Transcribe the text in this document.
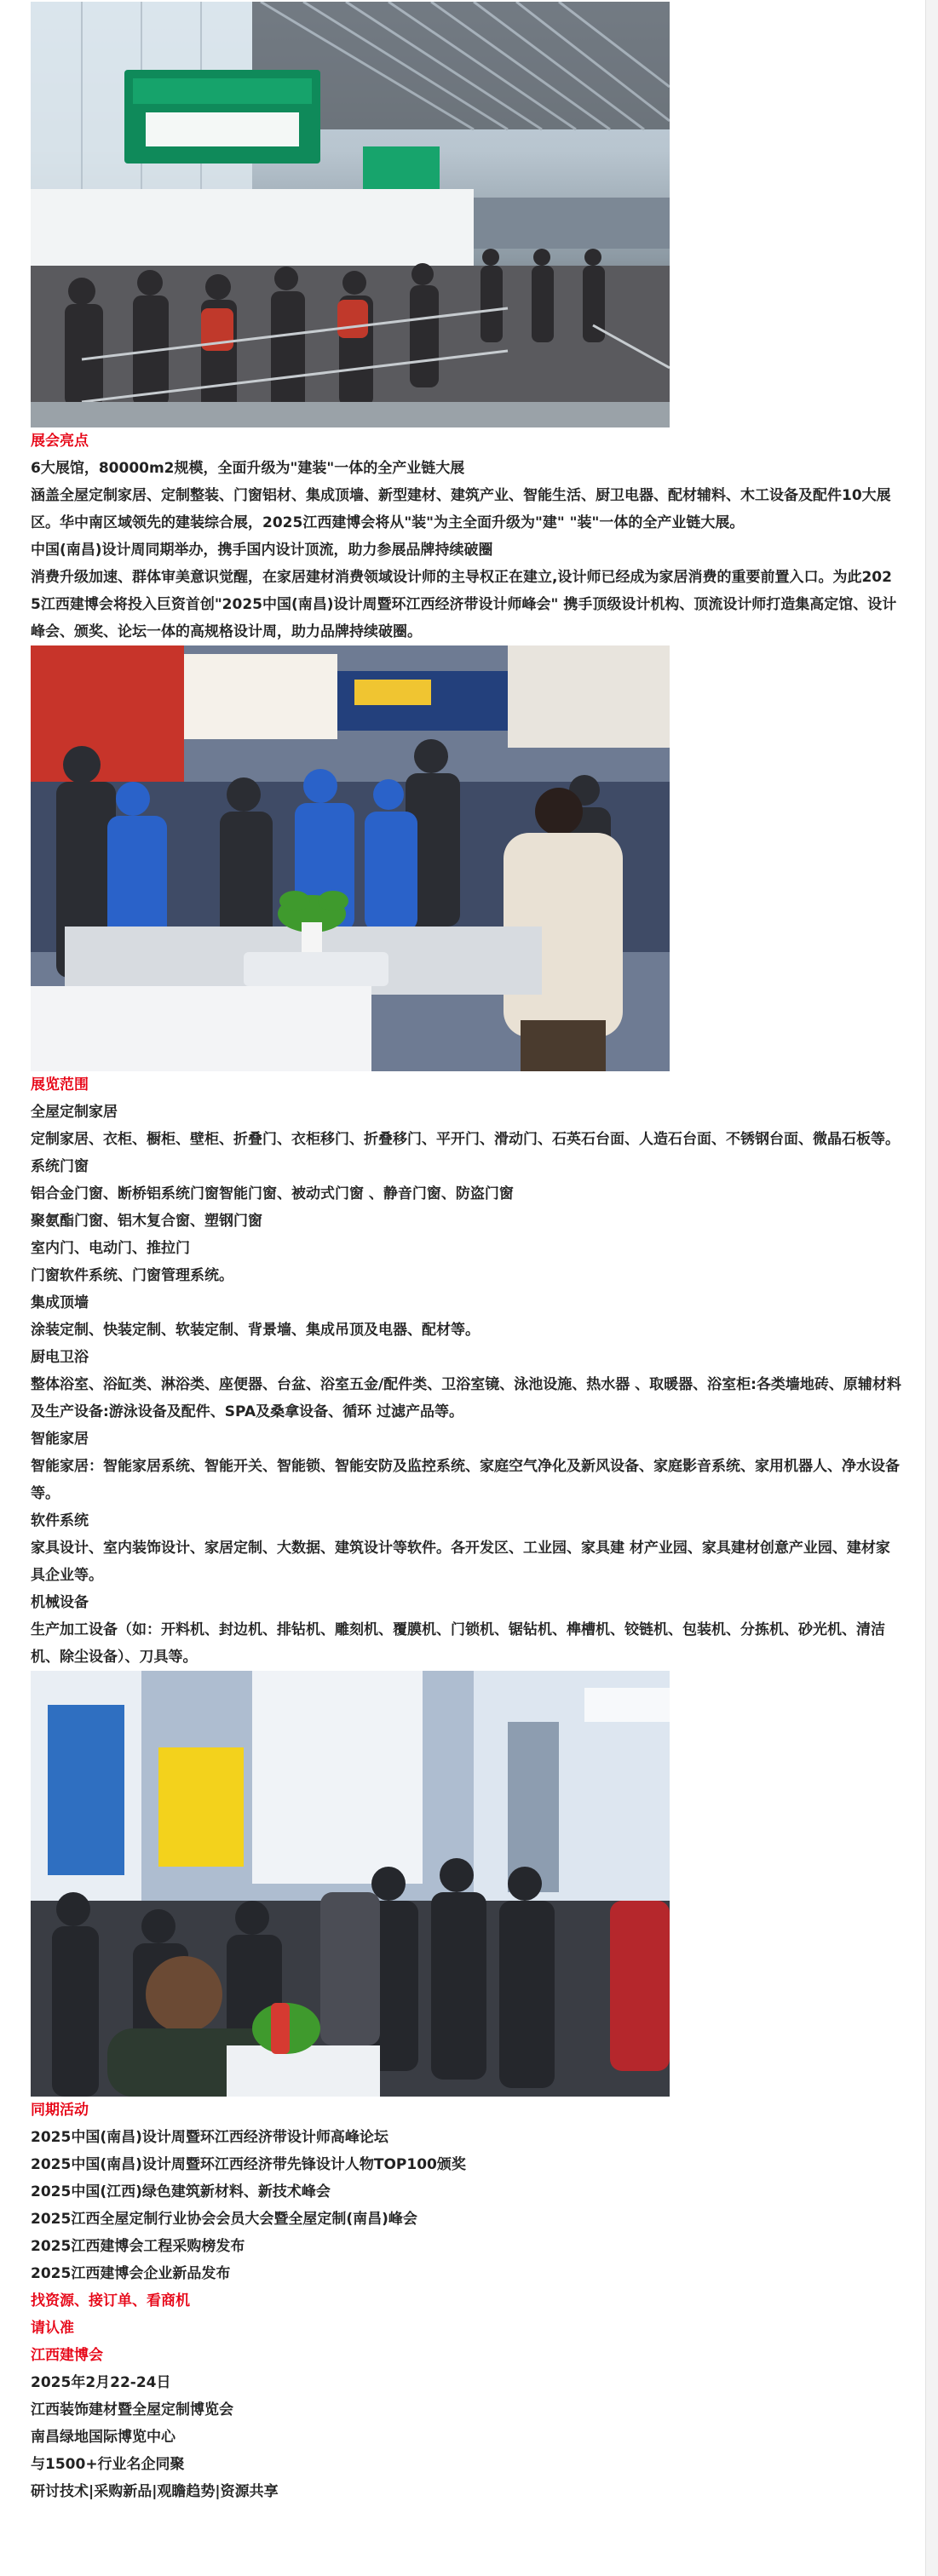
展会亮点

6大展馆，80000m2规模，全面升级为"建装"一体的全产业链大展

涵盖全屋定制家居、定制整装、门窗铝材、集成顶墙、新型建材、建筑产业、智能生活、厨卫电器、配材辅料、木工设备及配件10大展区。华中南区域领先的建装综合展，2025江西建博会将从"装"为主全面升级为"建" "装"一体的全产业链大展。

中国(南昌)设计周同期举办，携手国内设计顶流，助力参展品牌持续破圈

消费升级加速、群体审美意识觉醒，在家居建材消费领域设计师的主导权正在建立,设计师已经成为家居消费的重要前置入口。为此2025江西建博会将投入巨资首创"2025中国(南昌)设计周暨环江西经济带设计师峰会" 携手顶级设计机构、顶流设计师打造集高定馆、设计峰会、颁奖、论坛一体的高规格设计周，助力品牌持续破圈。

展览范围

全屋定制家居

定制家居、衣柜、橱柜、壁柜、折叠门、衣柜移门、折叠移门、平开门、滑动门、石英石台面、人造石台面、不锈钢台面、微晶石板等。

系统门窗

铝合金门窗、断桥铝系统门窗智能门窗、被动式门窗 、静音门窗、防盗门窗

聚氨酯门窗、铝木复合窗、塑钢门窗

室内门、电动门、推拉门

门窗软件系统、门窗管理系统。

集成顶墙

涂装定制、快装定制、软装定制、背景墙、集成吊顶及电器、配材等。

厨电卫浴

整体浴室、浴缸类、淋浴类、座便器、台盆、浴室五金/配件类、卫浴室镜、泳池设施、热水器 、取暖器、浴室柜:各类墙地砖、原辅材料及生产设备:游泳设备及配件、SPA及桑拿设备、循环 过滤产品等。

智能家居

智能家居：智能家居系统、智能开关、智能锁、智能安防及监控系统、家庭空气净化及新风设备、家庭影音系统、家用机器人、净水设备等。

软件系统

家具设计、室内装饰设计、家居定制、大数据、建筑设计等软件。各开发区、工业园、家具建 材产业园、家具建材创意产业园、建材家具企业等。

机械设备

生产加工设备（如：开料机、封边机、排钻机、雕刻机、覆膜机、门锁机、锯钻机、榫槽机、铰链机、包装机、分拣机、砂光机、清洁机、除尘设备）、刀具等。

同期活动

2025中国(南昌)设计周暨环江西经济带设计师高峰论坛

2025中国(南昌)设计周暨环江西经济带先锋设计人物TOP100颁奖

2025中国(江西)绿色建筑新材料、新技术峰会

2025江西全屋定制行业协会会员大会暨全屋定制(南昌)峰会

2025江西建博会工程采购榜发布

2025江西建博会企业新品发布

找资源、接订单、看商机

请认准

江西建博会

2025年2月22-24日

江西装饰建材暨全屋定制博览会

南昌绿地国际博览中心

与1500+行业名企同聚

研讨技术|采购新品|观瞻趋势|资源共享
